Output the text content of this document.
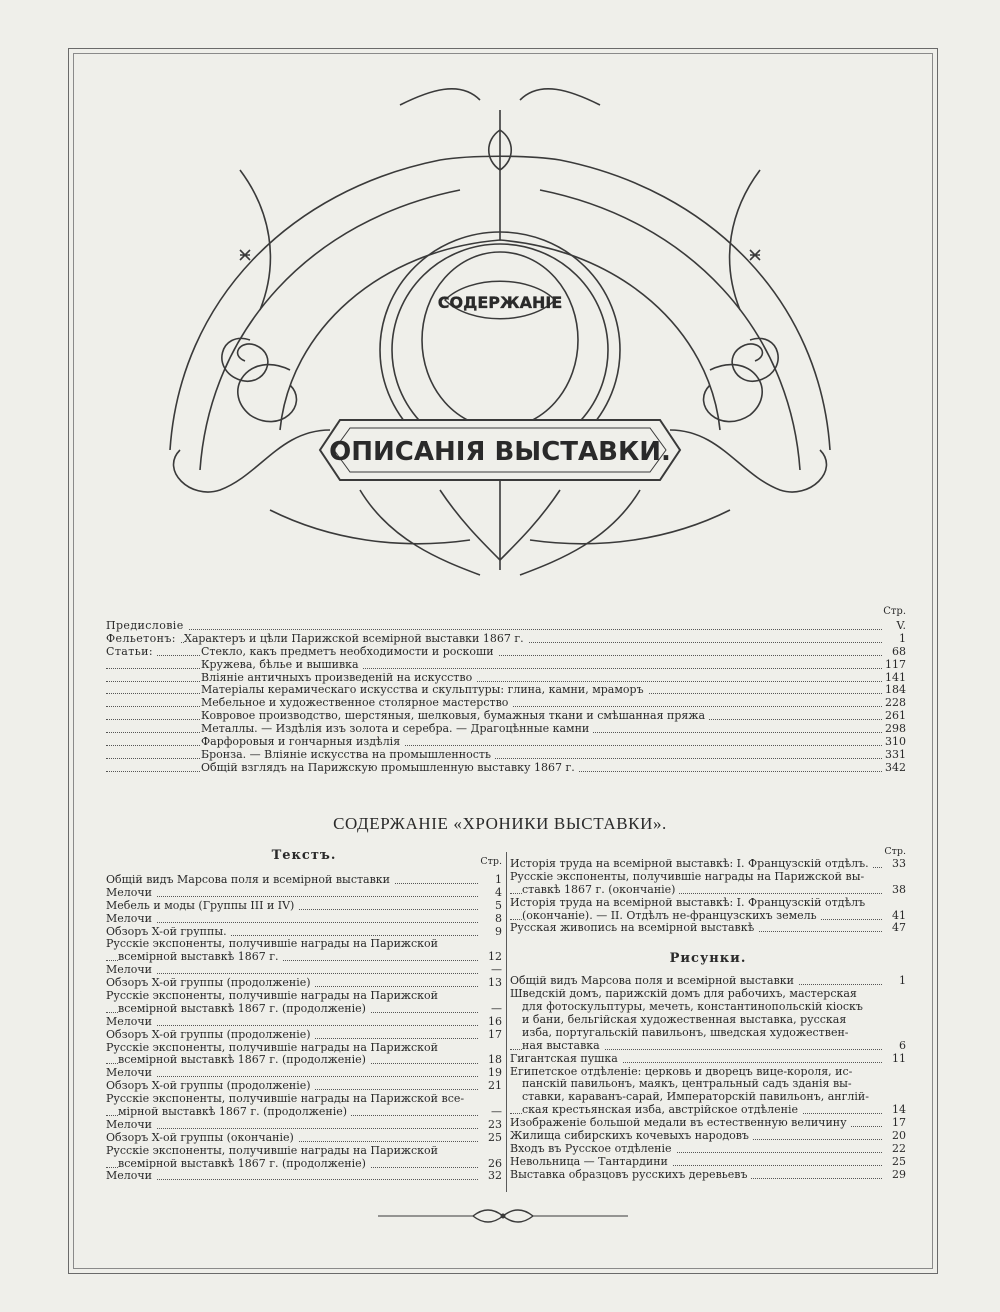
СОДЕРЖАНІЕ
ОПИСАНІЯ ВЫСТАВКИ.
Стр.
Предисловіе	V.
Фельетонъ: Характеръ и цѣли Парижской всемірной выставки 1867 г.	1
Статьи:	Стекло, какъ предметъ необходимости и роскоши	68
Кружева, бѣлье и вышивка	117
Вліяніе античныхъ произведеній на искусство	141
Матеріалы керамическаго искусства и скульптуры: глина, камни, мраморъ	184
Мебельное и художественное столярное мастерство	228
Ковровое производство, шерстяныя, шелковыя, бумажныя ткани и смѣшанная пряжа	261
Металлы. — Издѣлія изъ золота и серебра. — Драгоцѣнные камни	298
Фарфоровыя и гончарныя издѣлія	310
Бронза. — Вліяніе искусства на промышленность	331
Общій взглядъ на Парижскую промышленную выставку 1867 г.	342
СОДЕРЖАНІЕ «ХРОНИКИ ВЫСТАВКИ».
Текстъ.	Стр.
Общій видъ Марсова поля и всемірной выставки	1
Мелочи	4
Мебель и моды (Группы III и IV)	5
Мелочи	8
Обзоръ X-ой группы.	9
Русскіе экспоненты, получившіе награды на Парижской
всемірной выставкѣ 1867 г.	12
Мелочи	—
Обзоръ X-ой группы (продолженіе)	13
Русскіе экспоненты, получившіе награды на Парижской
всемірной выставкѣ 1867 г. (продолженіе)	—
Мелочи	16
Обзоръ X-ой группы (продолженіе)	17
Русскіе экспоненты, получившіе награды на Парижской
всемірной выставкѣ 1867 г. (продолженіе)	18
Мелочи	19
Обзоръ X-ой группы (продолженіе)	21
Русскіе экспоненты, получившіе награды на Парижской все-
мірной выставкѣ 1867 г. (продолженіе)	—
Мелочи	23
Обзоръ X-ой группы (окончаніе)	25
Русскіе экспоненты, получившіе награды на Парижской
всемірной выставкѣ 1867 г. (продолженіе)	26
Мелочи	32
Стр.
Исторія труда на всемірной выставкѣ: I. Французскій отдѣлъ.	33
Русскіе экспоненты, получившіе награды на Парижской вы-
ставкѣ 1867 г. (окончаніе)	38
Исторія труда на всемірной выставкѣ: I. Французскій отдѣлъ
(окончаніе). — II. Отдѣлъ не-французскихъ земель	41
Русская живопись на всемірной выставкѣ	47
Рисунки.
Общій видъ Марсова поля и всемірной выставки	1
Шведскій домъ, парижскій домъ для рабочихъ, мастерская
для фотоскульптуры, мечеть, константинопольскій кіоскъ
и бани, бельгійская художественная выставка, русская
изба, португальскій павильонъ, шведская художествен-
ная выставка	6
Гигантская пушка	11
Египетское отдѣленіе: церковь и дворецъ вице-короля, ис-
панскій павильонъ, маякъ, центральный садъ зданія вы-
ставки, караванъ-сарай, Императорскій павильонъ, англій-
ская крестьянская изба, австрійское отдѣленіе	14
Изображеніе большой медали въ естественную величину	17
Жилища сибирскихъ кочевыхъ народовъ	20
Входъ въ Русское отдѣленіе	22
Невольница — Тантардини	25
Выставка образцовъ русскихъ деревьевъ	29
